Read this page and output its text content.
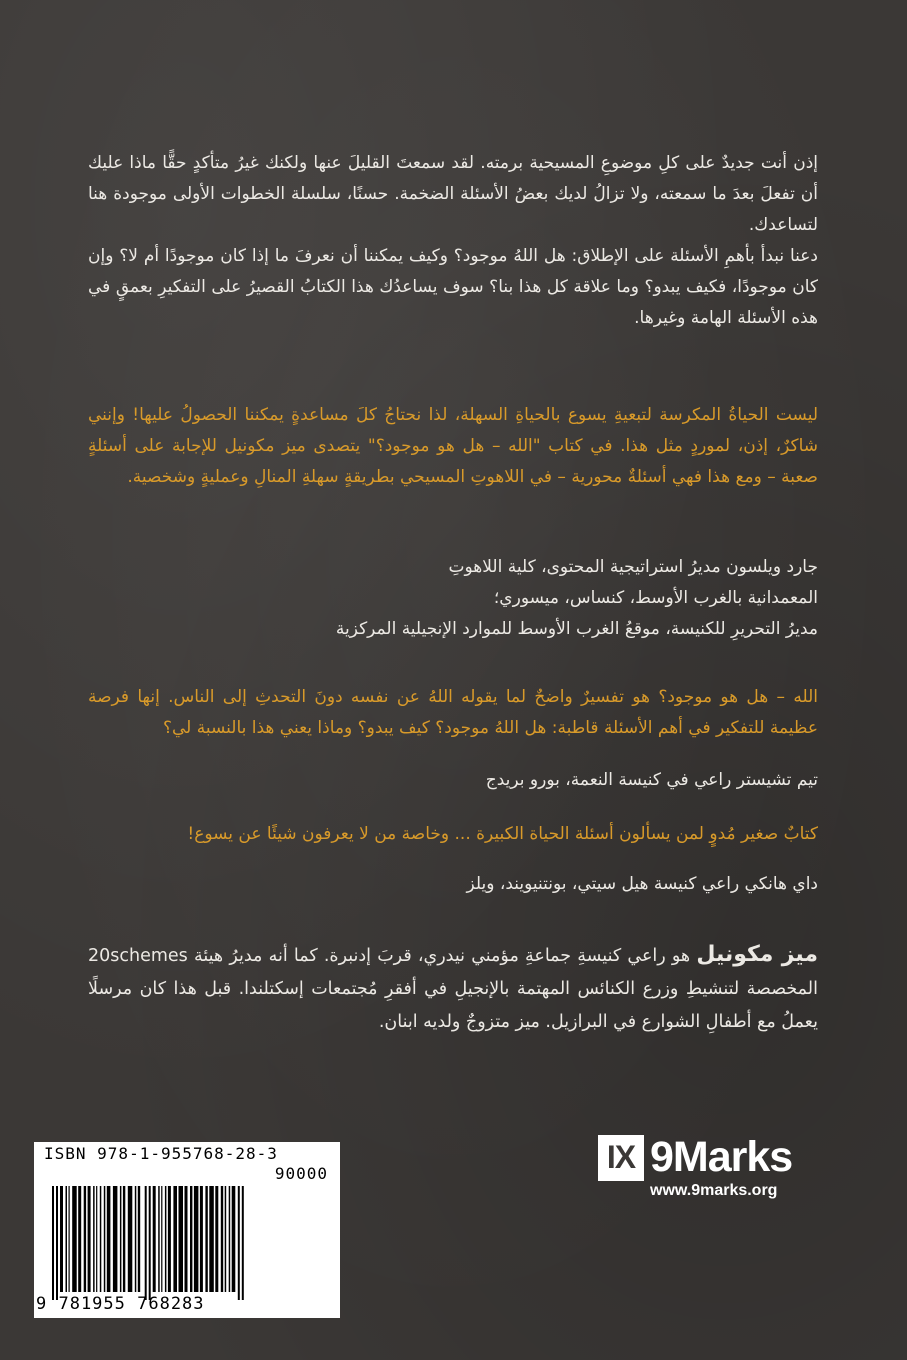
إذن أنت جديدٌ على كلِ موضوعِ المسيحية برمته. لقد سمعتَ القليلَ عنها ولكنك غيرُ متأكدٍ حقًّا ماذا عليك أن تفعلَ بعدَ ما سمعته، ولا تزالُ لديك بعضُ الأسئلة الضخمة. حسنًا، سلسلة الخطوات الأولى موجودة هنا لتساعدك.

دعنا نبدأ بأهمِ الأسئلة على الإطلاق: هل اللهُ موجود؟ وكيف يمكننا أن نعرفَ ما إذا كان موجودًا أم لا؟ وإن كان موجودًا، فكيف يبدو؟ وما علاقة كل هذا بنا؟ سوف يساعدُك هذا الكتابُ القصيرُ على التفكيرِ بعمقٍ في هذه الأسئلة الهامة وغيرها.

ليست الحياةُ المكرسة لتبعيةِ يسوع بالحياةِ السهلة، لذا نحتاجُ كلَ مساعدةٍ يمكننا الحصولُ عليها! وإنني شاكرٌ، إذن، لموردٍ مثل هذا. في كتاب "الله – هل هو موجود؟" يتصدى ميز مكونيل للإجابة على أسئلةٍ صعبة – ومع هذا فهي أسئلةٌ محورية – في اللاهوتِ المسيحي بطريقةٍ سهلةِ المنالِ وعمليةٍ وشخصية.

جارد ويلسون مديرُ استراتيجية المحتوى، كلية اللاهوتِ
المعمدانية بالغرب الأوسط، كنساس، ميسوري؛
مديرُ التحريرِ للكنيسة، موقعُ الغرب الأوسط للموارد الإنجيلية المركزية

الله – هل هو موجود؟ هو تفسيرٌ واضحٌ لما يقوله اللهُ عن نفسه دونَ التحدثِ إلى الناس. إنها فرصة عظيمة للتفكير في أهم الأسئلة قاطبة: هل اللهُ موجود؟ كيف يبدو؟ وماذا يعني هذا بالنسبة لي؟

تيم تشيستر راعي في كنيسة النعمة، بورو بريدج

كتابٌ صغير مُدوٍ لمن يسألون أسئلة الحياة الكبيرة ... وخاصة من لا يعرفون شيئًا عن يسوع!

داي هانكي راعي كنيسة هيل سيتي، بونتنيويند، ويلز

ميز مكونيل هو راعي كنيسةِ جماعةِ مؤمني نيدري، قربَ إدنبرة. كما أنه مديرُ هيئة 20schemes المخصصة لتنشيطِ وزرع الكنائس المهتمة بالإنجيلِ في أفقرِ مُجتمعات إسكتلندا. قبل هذا كان مرسلًا يعملُ مع أطفالِ الشوارع في البرازيل. ميز متزوجٌ ولديه ابنان.

ISBN 978-1-955768-28-3
90000
9 781955 768283
IX 9Marks
www.9marks.org
